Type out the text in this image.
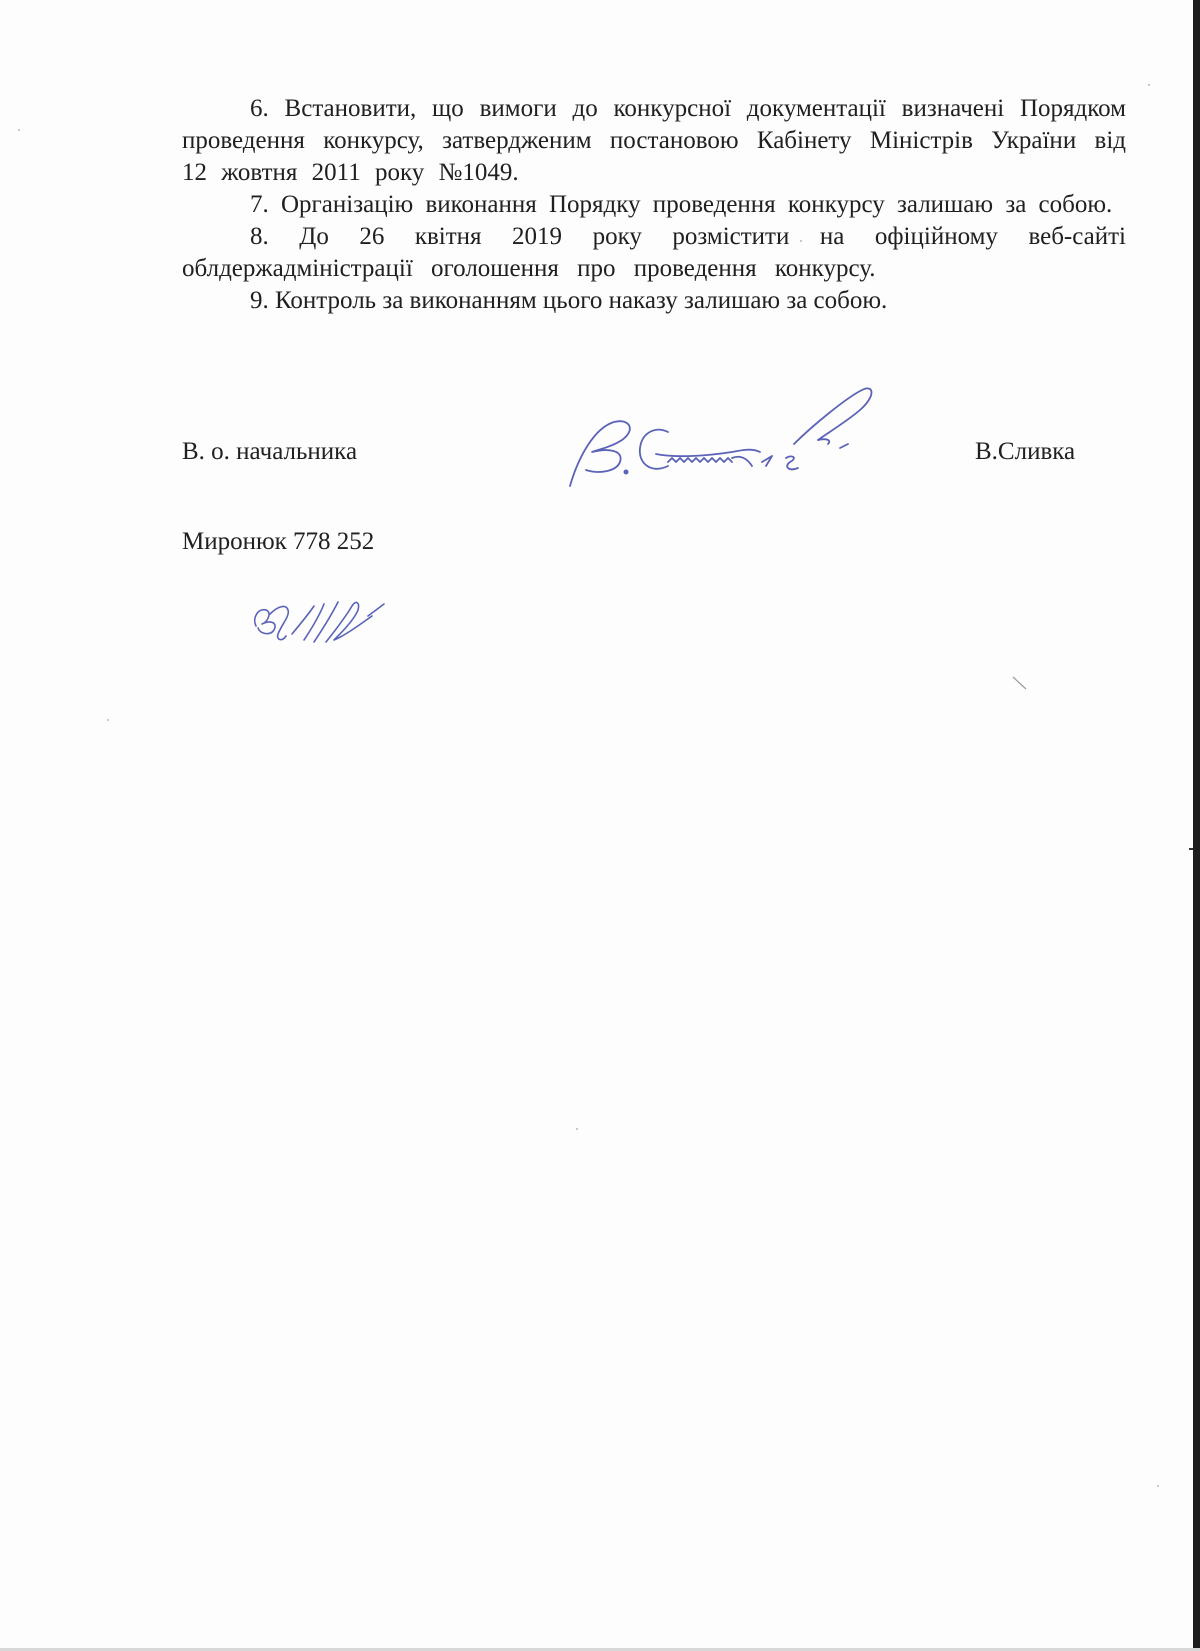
6. Встановити, що вимоги до конкурсної документації визначені Порядком проведення конкурсу, затвердженим постановою Кабінету Міністрів України від 12 жовтня 2011 року №1049.

7. Організацію виконання Порядку проведення конкурсу залишаю за собою.

8. До 26 квітня 2019 року розмістити на офіційному веб-сайті облдержадміністрації оголошення про проведення конкурсу.

9. Контроль за виконанням цього наказу залишаю за собою.

В. о. начальника	В.Сливка
Миронюк 778 252
